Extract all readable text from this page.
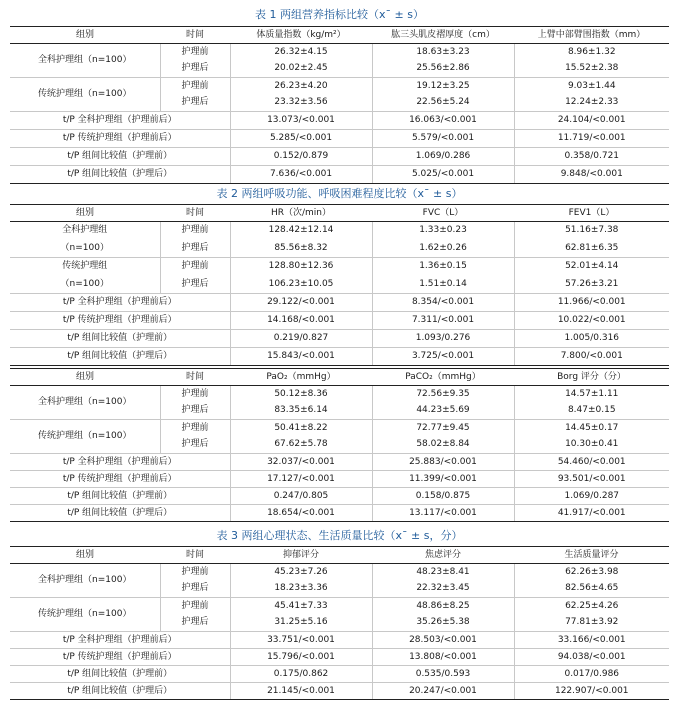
表 1 两组营养指标比较（x¯ ± s）
组别	时间	体质量指数（kg/m²）	肱三头肌皮褶厚度（cm）	上臂中部臂围指数（mm）
全科护理组（n=100）	护理前	26.32±4.15	18.63±3.23	8.96±1.32
	护理后	20.02±2.45	25.56±2.86	15.52±2.38
传统护理组（n=100）	护理前	26.23±4.20	19.12±3.25	9.03±1.44
	护理后	23.32±3.56	22.56±5.24	12.24±2.33
t/P 全科护理组（护理前后）		13.073/<0.001	16.063/<0.001	24.104/<0.001
t/P 传统护理组（护理前后）		5.285/<0.001	5.579/<0.001	11.719/<0.001
t/P 组间比较值（护理前）		0.152/0.879	1.069/0.286	0.358/0.721
t/P 组间比较值（护理后）		7.636/<0.001	5.025/<0.001	9.848/<0.001
表 2 两组呼吸功能、呼吸困难程度比较（x¯ ± s）
组别	时间	HR（次/min）	FVC（L）	FEV1（L）
全科护理组	护理前	128.42±12.14	1.33±0.23	51.16±7.38
（n=100）	护理后	85.56±8.32	1.62±0.26	62.81±6.35
传统护理组	护理前	128.80±12.36	1.36±0.15	52.01±4.14
（n=100）	护理后	106.23±10.05	1.51±0.14	57.26±3.21
t/P 全科护理组（护理前后）		29.122/<0.001	8.354/<0.001	11.966/<0.001
t/P 传统护理组（护理前后）		14.168/<0.001	7.311/<0.001	10.022/<0.001
t/P 组间比较值（护理前）		0.219/0.827	1.093/0.276	1.005/0.316
t/P 组间比较值（护理后）		15.843/<0.001	3.725/<0.001	7.800/<0.001
组别	时间	PaO₂（mmHg）	PaCO₂（mmHg）	Borg 评分（分）
全科护理组（n=100）	护理前	50.12±8.36	72.56±9.35	14.57±1.11
	护理后	83.35±6.14	44.23±5.69	8.47±0.15
传统护理组（n=100）	护理前	50.41±8.22	72.77±9.45	14.45±0.17
	护理后	67.62±5.78	58.02±8.84	10.30±0.41
t/P 全科护理组（护理前后）		32.037/<0.001	25.883/<0.001	54.460/<0.001
t/P 传统护理组（护理前后）		17.127/<0.001	11.399/<0.001	93.501/<0.001
t/P 组间比较值（护理前）		0.247/0.805	0.158/0.875	1.069/0.287
t/P 组间比较值（护理后）		18.654/<0.001	13.117/<0.001	41.917/<0.001
表 3 两组心理状态、生活质量比较（x¯ ± s，分）
组别	时间	抑郁评分	焦虑评分	生活质量评分
全科护理组（n=100）	护理前	45.23±7.26	48.23±8.41	62.26±3.98
	护理后	18.23±3.36	22.32±3.45	82.56±4.65
传统护理组（n=100）	护理前	45.41±7.33	48.86±8.25	62.25±4.26
	护理后	31.25±5.16	35.26±5.38	77.81±3.92
t/P 全科护理组（护理前后）		33.751/<0.001	28.503/<0.001	33.166/<0.001
t/P 传统护理组（护理前后）		15.796/<0.001	13.808/<0.001	94.038/<0.001
t/P 组间比较值（护理前）		0.175/0.862	0.535/0.593	0.017/0.986
t/P 组间比较值（护理后）		21.145/<0.001	20.247/<0.001	122.907/<0.001
